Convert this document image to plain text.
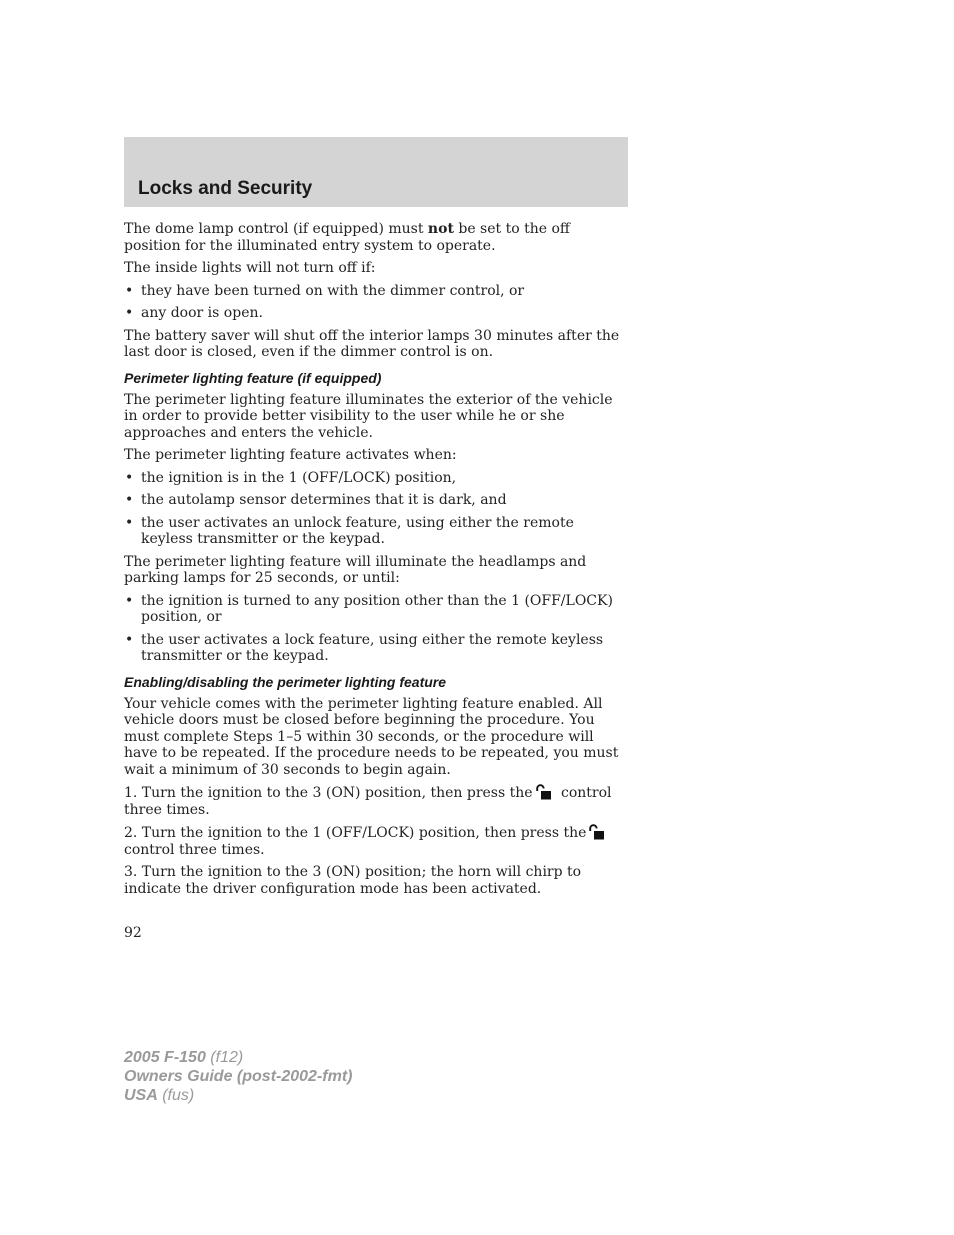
Locks and Security

The dome lamp control (if equipped) must not be set to the off position for the illuminated entry system to operate.

The inside lights will not turn off if:

• they have been turned on with the dimmer control, or
• any door is open.

The battery saver will shut off the interior lamps 30 minutes after the last door is closed, even if the dimmer control is on.

Perimeter lighting feature (if equipped)

The perimeter lighting feature illuminates the exterior of the vehicle in order to provide better visibility to the user while he or she approaches and enters the vehicle.

The perimeter lighting feature activates when:

• the ignition is in the 1 (OFF/LOCK) position,
• the autolamp sensor determines that it is dark, and
• the user activates an unlock feature, using either the remote keyless transmitter or the keypad.

The perimeter lighting feature will illuminate the headlamps and parking lamps for 25 seconds, or until:

• the ignition is turned to any position other than the 1 (OFF/LOCK) position, or
• the user activates a lock feature, using either the remote keyless transmitter or the keypad.
Enabling/disabling the perimeter lighting feature

Your vehicle comes with the perimeter lighting feature enabled. All vehicle doors must be closed before beginning the procedure. You must complete Steps 1–5 within 30 seconds, or the procedure will have to be repeated. If the procedure needs to be repeated, you must wait a minimum of 30 seconds to begin again.

1. Turn the ignition to the 3 (ON) position, then press the control three times.

2. Turn the ignition to the 1 (OFF/LOCK) position, then press thecontrol three times.

3. Turn the ignition to the 3 (ON) position; the horn will chirp to indicate the driver configuration mode has been activated.

92

2005 F-150 (f12)
Owners Guide (post-2002-fmt)
USA (fus)
